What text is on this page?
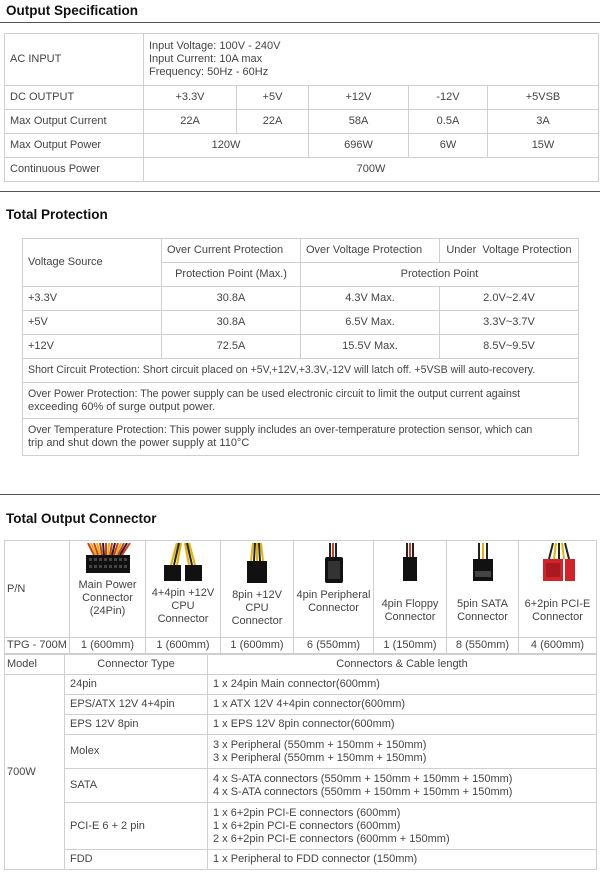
Output Specification
AC INPUT	Input Voltage: 100V - 240V
Input Current: 10A max
Frequency: 50Hz - 60Hz				

DC OUTPUT	+3.3V	+5V	+12V	-12V	+5VSB
Max Output Current	22A	22A	58A	0.5A	3A
Max Output Power	120W		696W	6W	15W
Continuous Power	700W				
Total Protection
Voltage Source	Over Current Protection	Over Voltage Protection	Under  Voltage Protection
	Protection Point (Max.)	Protection Point	
+3.3V	30.8A	4.3V Max.	2.0V~2.4V
+5V	30.8A	6.5V Max.	3.3V~3.7V
+12V	72.5A	15.5V Max.	8.5V~9.5V
Short Circuit Protection: Short circuit placed on +5V,+12V,+3.3V,-12V will latch off. +5VSB will auto-recovery.			

Over Power Protection: The power supply can be used electronic circuit to limit the output current against
exceeding 60% of surge output power.			

Over Temperature Protection: This power supply includes an over-temperature protection sensor, which can
trip and shut down the power supply at 110°C			
Total Output Connector
P/N	Main Power
Connector
(24Pin)	4+4pin +12V
CPU
Connector	8pin +12V CPU
Connector	4pin Peripheral
Connector	4pin Floppy
Connector	5pin SATA
Connector	6+2pin PCI-E
Connector

TPG - 700M	1 (600mm)	1 (600mm)	1 (600mm)	6 (550mm)	1 (150mm)	8 (550mm)	4 (600mm)
Model	Connector Type	Connectors & Cable length
700W	24pin	1 x 24pin Main connector(600mm)
	EPS/ATX 12V 4+4pin	1 x ATX 12V 4+4pin connector(600mm)
	EPS 12V 8pin	1 x EPS 12V 8pin connector(600mm)
	Molex	3 x Peripheral (550mm + 150mm + 150mm)
3 x Peripheral (550mm + 150mm + 150mm)

	SATA	4 x S-ATA connectors (550mm + 150mm + 150mm + 150mm)
4 x S-ATA connectors (550mm + 150mm + 150mm + 150mm)

	PCI-E 6 + 2 pin	1 x 6+2pin PCI-E connectors (600mm)
1 x 6+2pin PCI-E connectors (600mm)
2 x 6+2pin PCI-E connectors (600mm + 150mm)

	FDD	1 x Peripheral to FDD connector (150mm)
